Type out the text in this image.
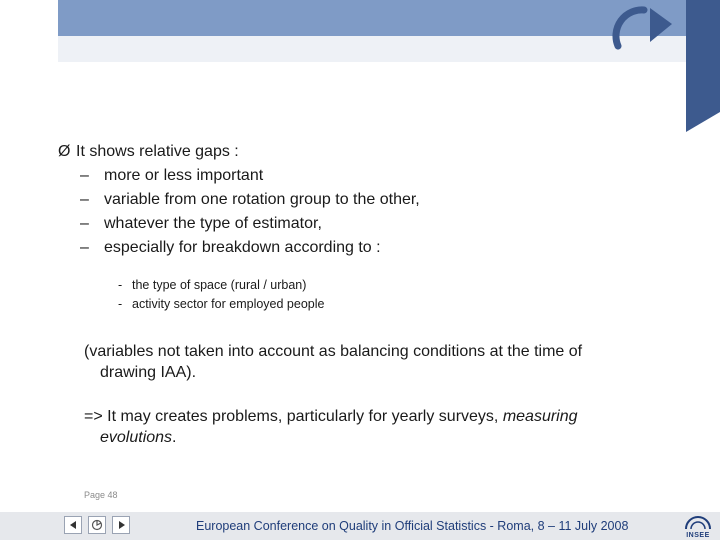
Ø It shows relative gaps :
– more or less important
– variable from one rotation group to the other,
– whatever the type of estimator,
– especially for breakdown according to :
- the type of space (rural / urban)
- activity sector for employed people
(variables not taken into account as balancing conditions at the time of
drawing IAA).
=> It may creates problems, particularly for yearly surveys, measuring
evolutions.
Page 48
European Conference on Quality in Official Statistics - Roma, 8 – 11 July 2008
INSEE
